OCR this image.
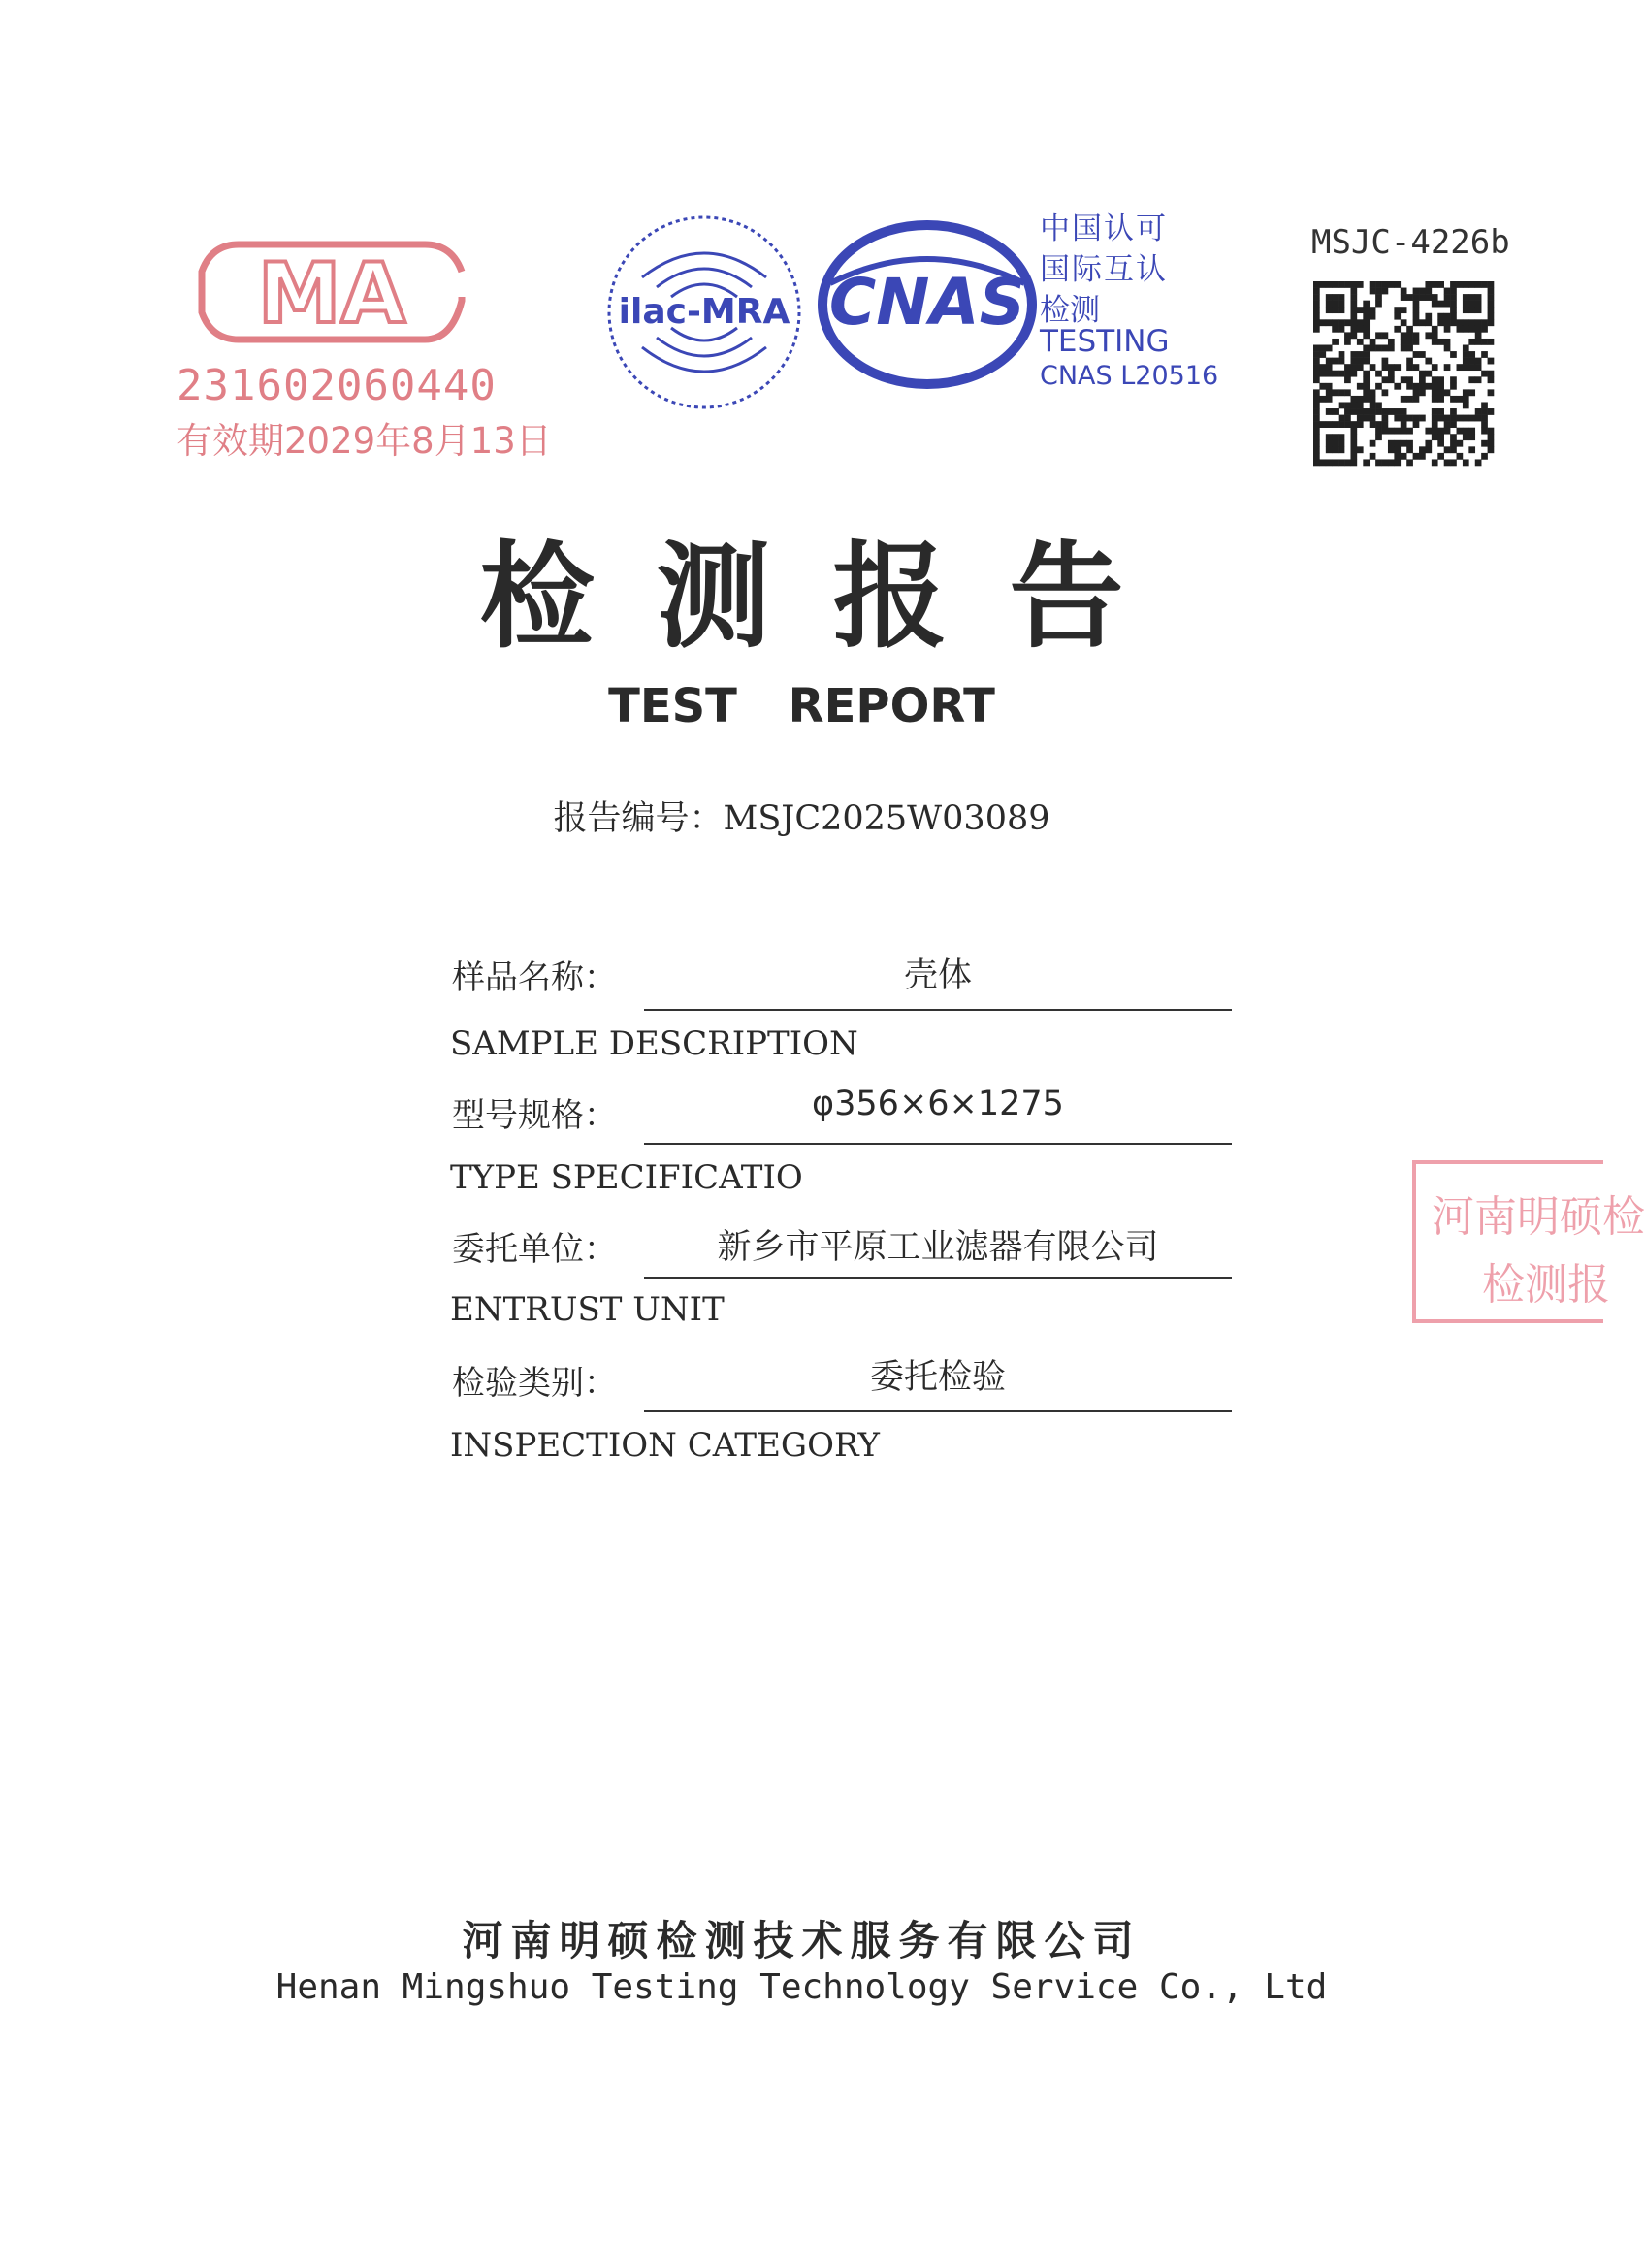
MA
231602060440
有效期2029年8月13日
ilac-MRA CNAS
中国认可
国际互认
检测
TESTING
CNAS L20516
MSJC-4226b
检测报告
TEST REPORT
报告编号：MSJC2025W03089
样品名称：	壳体
SAMPLE DESCRIPTION
型号规格：	φ356×6×1275
TYPE SPECIFICATIO
委托单位：	新乡市平原工业滤器有限公司
ENTRUST UNIT
检验类别：	委托检验
INSPECTION CATEGORY
河南明硕检
检测报
河南明硕检测技术服务有限公司
Henan Mingshuo Testing Technology Service Co., Ltd
